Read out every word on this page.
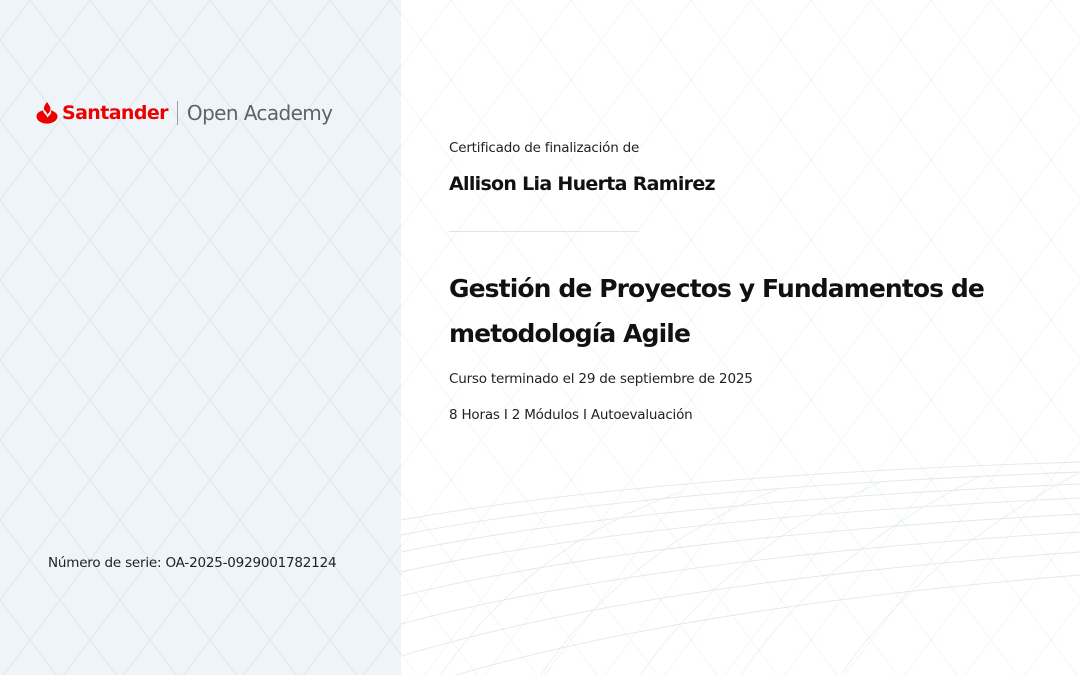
Santander Open Academy
Número de serie: OA-2025-0929001782124
Certificado de finalización de
Allison Lia Huerta Ramirez
Gestión de Proyectos y Fundamentos de
metodología Agile
Curso terminado el 29 de septiembre de 2025
8 Horas I 2 Módulos I Autoevaluación
